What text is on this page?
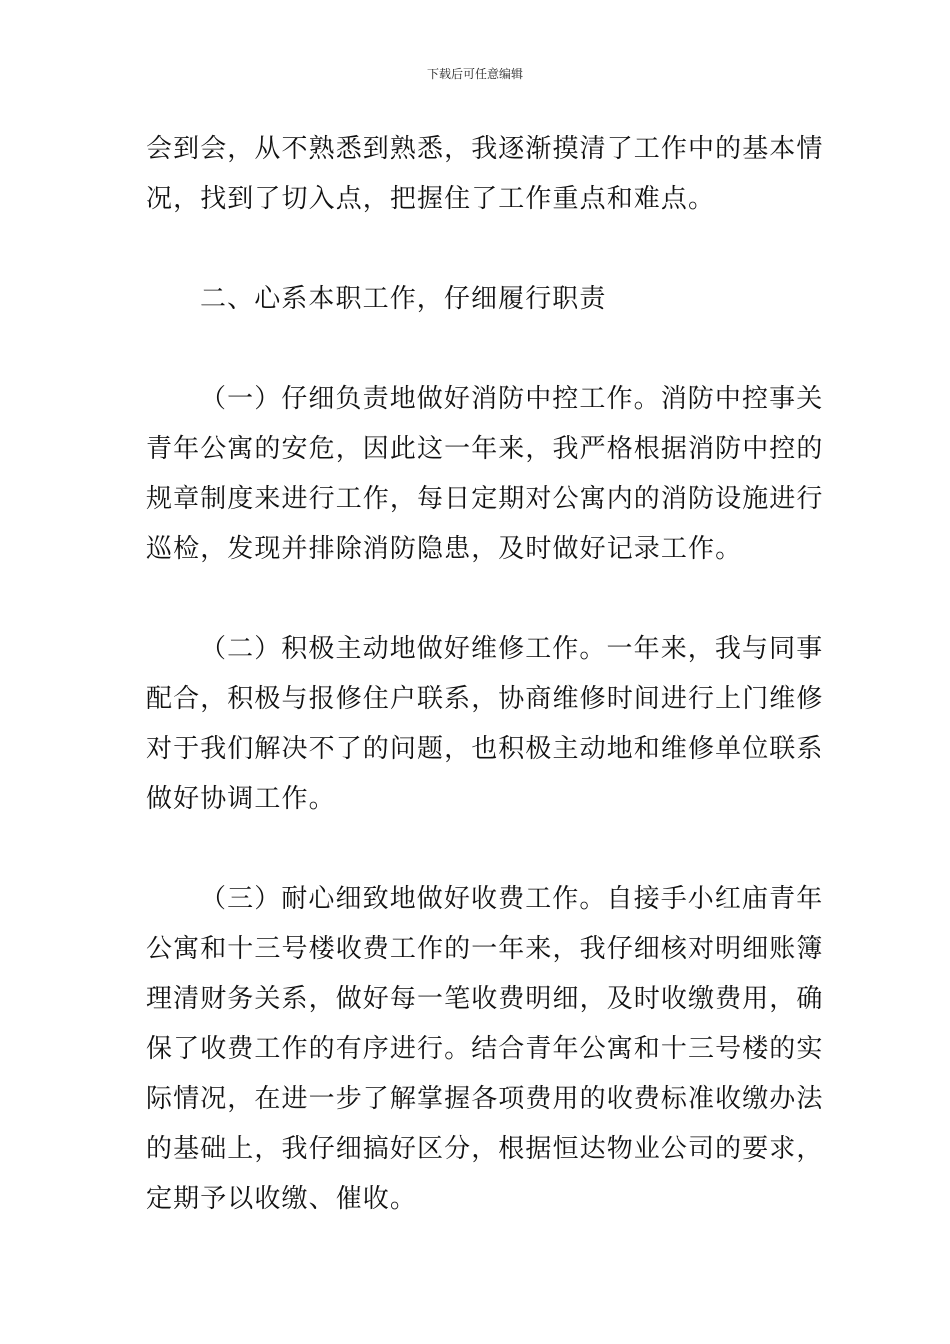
下载后可任意编辑
会到会，从不熟悉到熟悉，我逐渐摸清了工作中的基本情
况，找到了切入点，把握住了工作重点和难点。
二、心系本职工作，仔细履行职责
（一）仔细负责地做好消防中控工作。消防中控事关
青年公寓的安危，因此这一年来，我严格根据消防中控的
规章制度来进行工作，每日定期对公寓内的消防设施进行
巡检，发现并排除消防隐患，及时做好记录工作。
（二）积极主动地做好维修工作。一年来，我与同事
配合，积极与报修住户联系，协商维修时间进行上门维修
对于我们解决不了的问题，也积极主动地和维修单位联系
做好协调工作。
（三）耐心细致地做好收费工作。自接手小红庙青年
公寓和十三号楼收费工作的一年来，我仔细核对明细账簿
理清财务关系，做好每一笔收费明细，及时收缴费用，确
保了收费工作的有序进行。结合青年公寓和十三号楼的实
际情况，在进一步了解掌握各项费用的收费标准收缴办法
的基础上，我仔细搞好区分，根据恒达物业公司的要求，
定期予以收缴、催收。
